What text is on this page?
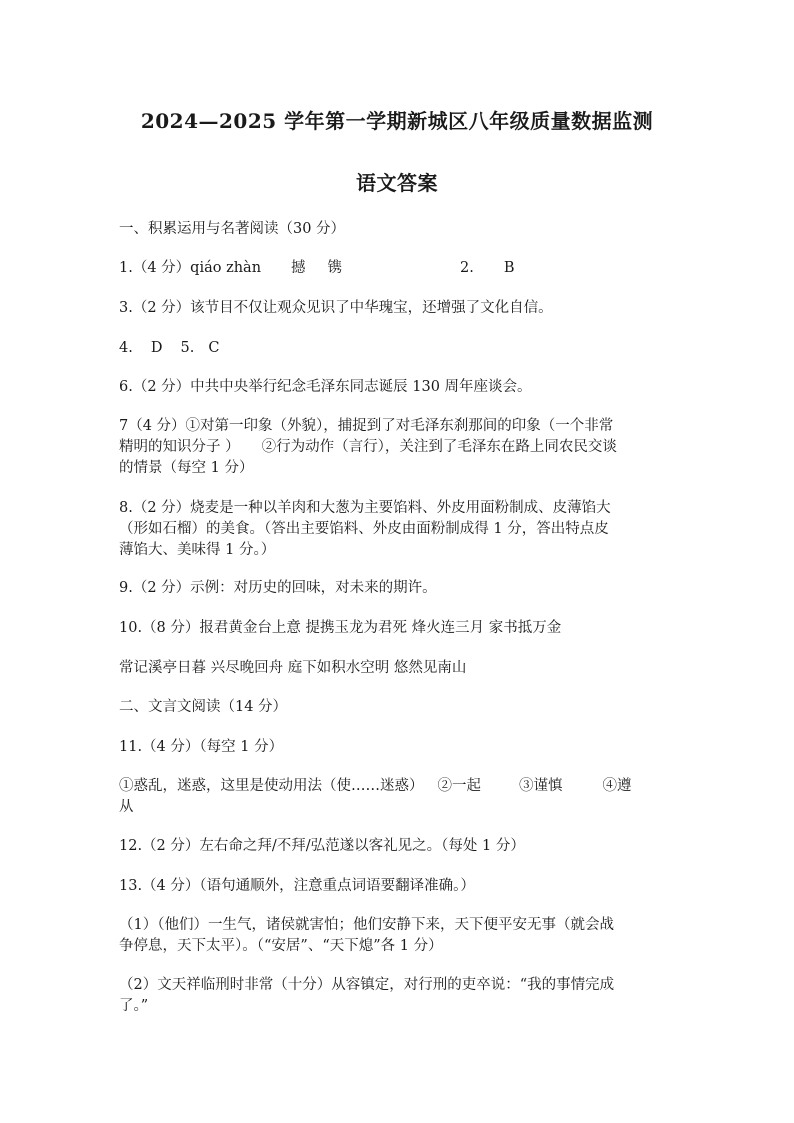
2024—2025 学年第一学期新城区八年级质量数据监测
语文答案
一、积累运用与名著阅读（30 分）
1.（4 分）qiáo zhàn 撼 镌	2. B
3.（2 分）该节目不仅让观众见识了中华瑰宝，还增强了文化自信。
4. D 5. C
6.（2 分）中共中央举行纪念毛泽东同志诞辰 130 周年座谈会。
7（4 分）①对第一印象（外貌），捕捉到了对毛泽东刹那间的印象（一个非常
精明的知识分子 ） ②行为动作（言行），关注到了毛泽东在路上同农民交谈
的情景（每空 1 分）
8.（2 分）烧麦是一种以羊肉和大葱为主要馅料、外皮用面粉制成、皮薄馅大
（形如石榴）的美食。（答出主要馅料、外皮由面粉制成得 1 分，答出特点皮
薄馅大、美味得 1 分。）
9.（2 分）示例：对历史的回味，对未来的期许。
10.（8 分）报君黄金台上意 提携玉龙为君死 烽火连三月 家书抵万金
常记溪亭日暮 兴尽晚回舟 庭下如积水空明 悠然见南山
二、文言文阅读（14 分）
11.（4 分）（每空 1 分）
①惑乱，迷惑，这里是使动用法（使……迷惑） ②一起	③谨慎	④遵
从
12.（2 分）左右命之拜/不拜/弘范遂以客礼见之。（每处 1 分）
13.（4 分）（语句通顺外，注意重点词语要翻译准确。）
（1）（他们）一生气，诸侯就害怕；他们安静下来，天下便平安无事（就会战
争停息，天下太平）。（“安居”、“天下熄”各 1 分）
（2）文天祥临刑时非常（十分）从容镇定，对行刑的吏卒说：“我的事情完成
了。”
